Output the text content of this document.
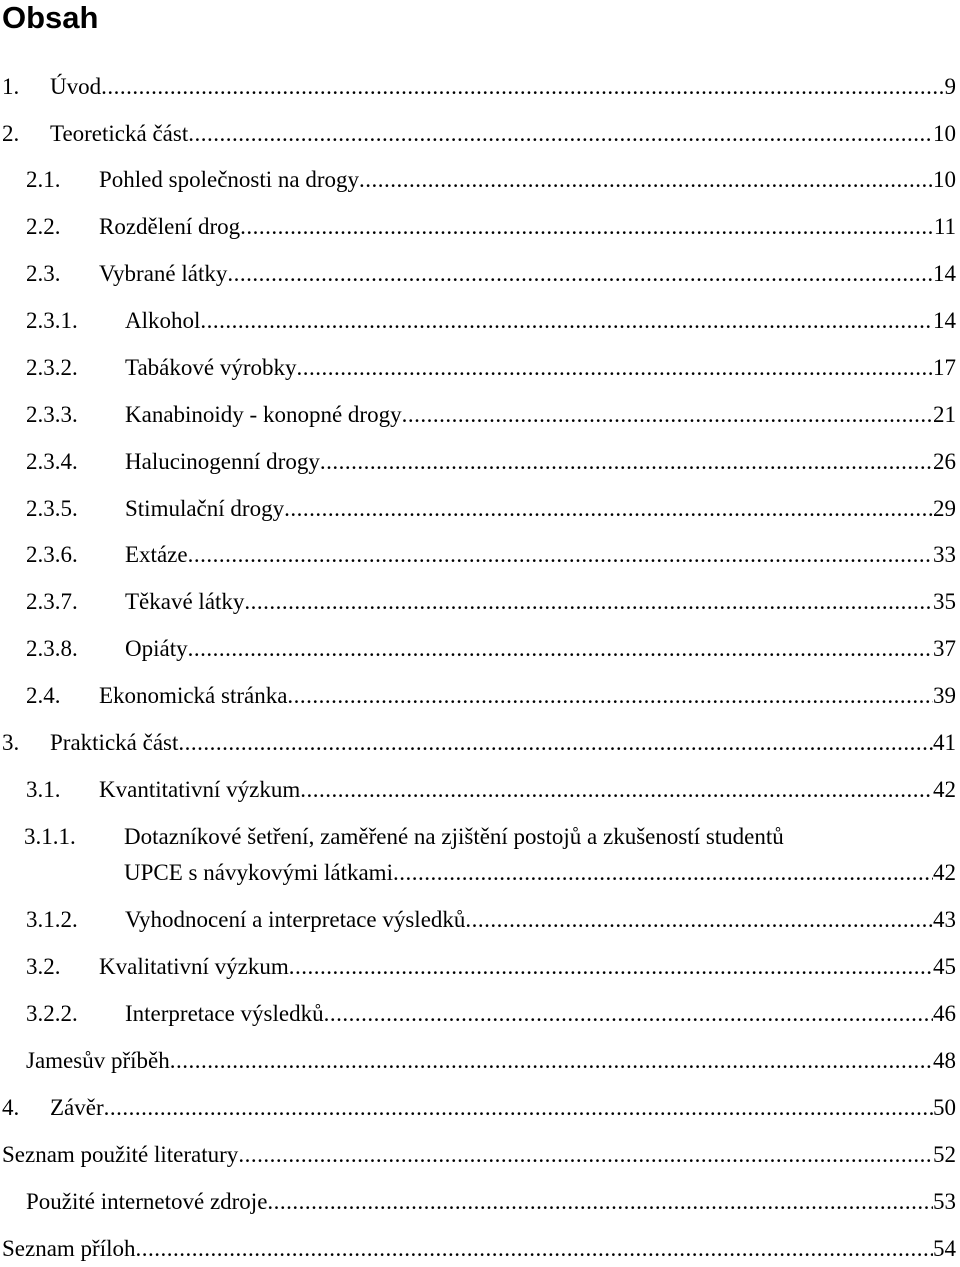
Obsah
1.	Úvod .....	9
2.	Teoretická část .....	10
2.1.	Pohled společnosti na drogy .....	10
2.2.	Rozdělení drog .....	11
2.3.	Vybrané látky .....	14
2.3.1.	Alkohol .....	14
2.3.2.	Tabákové výrobky .....	17
2.3.3.	Kanabinoidy - konopné drogy .....	21
2.3.4.	Halucinogenní drogy .....	26
2.3.5.	Stimulační drogy .....	29
2.3.6.	Extáze .....	33
2.3.7.	Těkavé látky .....	35
2.3.8.	Opiáty .....	37
2.4.	Ekonomická stránka .....	39
3.	Praktická část .....	41
3.1.	Kvantitativní výzkum .....	42
3.1.1. Dotazníkové šetření, zaměřené na zjištění postojů a zkušeností studentů
UPCE s návykovými látkami .....	42
3.1.2.	Vyhodnocení a interpretace výsledků .....	43
3.2.	Kvalitativní výzkum .....	45
3.2.2.	Interpretace výsledků .....	46
Jamesův příběh .....	48
4.	Závěr .....	50
Seznam použité literatury .....	52
Použité internetové zdroje .....	53
Seznam příloh .....	54
